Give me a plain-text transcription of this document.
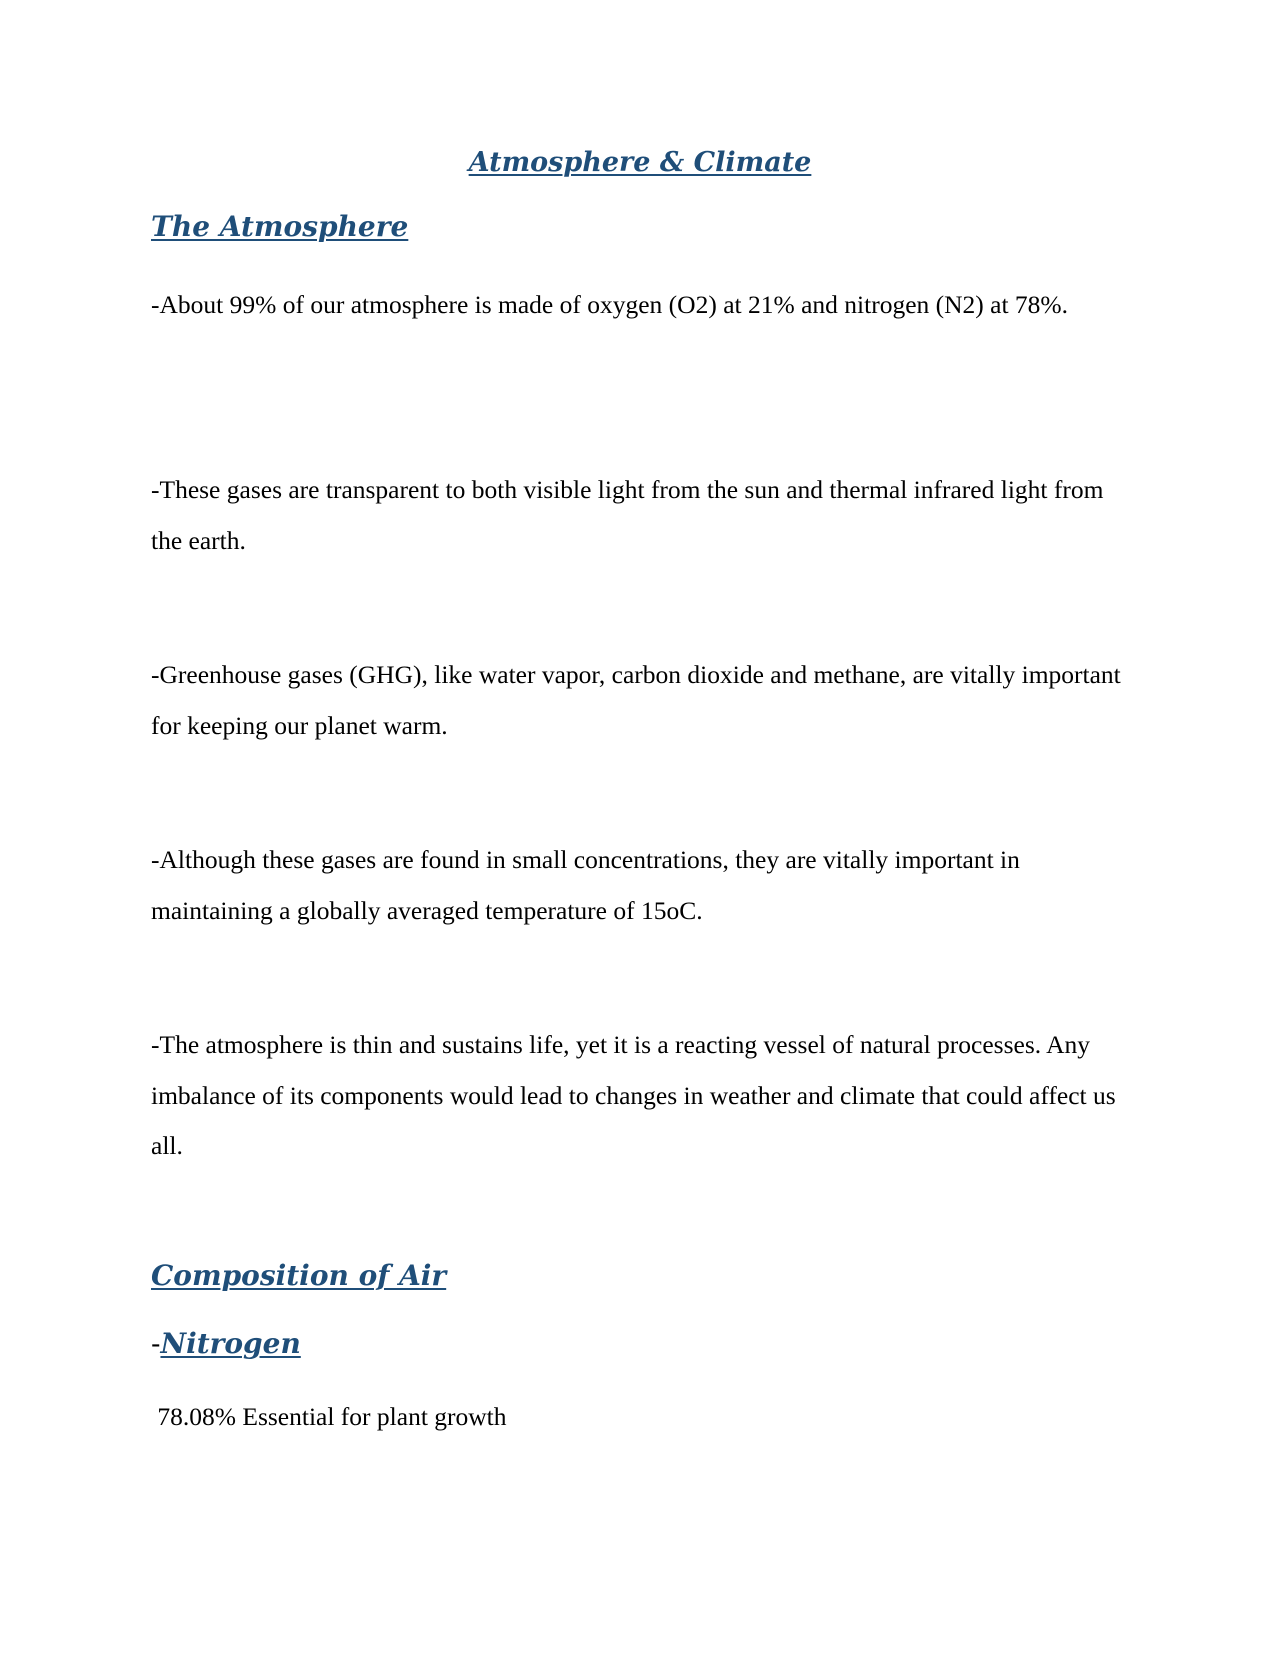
Atmosphere & Climate
The Atmosphere

-About 99% of our atmosphere is made of oxygen (O2) at 21% and nitrogen (N2) at 78%.

-These gases are transparent to both visible light from the sun and thermal infrared light from the earth.

-Greenhouse gases (GHG), like water vapor, carbon dioxide and methane, are vitally important for keeping our planet warm.

-Although these gases are found in small concentrations, they are vitally important in maintaining a globally averaged temperature of 15oC.

-The atmosphere is thin and sustains life, yet it is a reacting vessel of natural processes. Any imbalance of its components would lead to changes in weather and climate that could affect us all.

Composition of Air
-Nitrogen

78.08% Essential for plant growth
